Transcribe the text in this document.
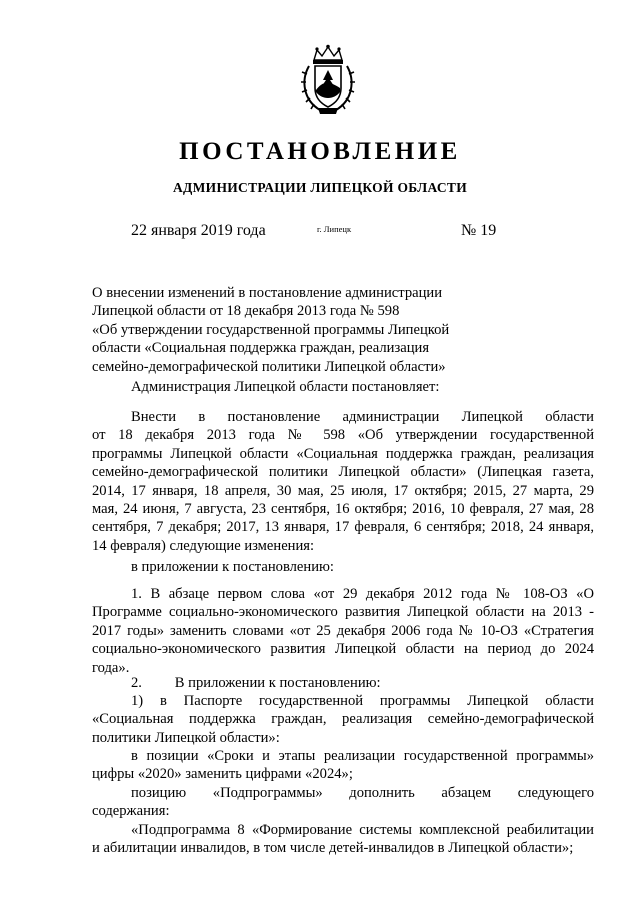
ПОСТАНОВЛЕНИЕ
АДМИНИСТРАЦИИ ЛИПЕЦКОЙ ОБЛАСТИ
22 января 2019 года	г. Липецк	№ 19
О внесении изменений в постановление администрации
Липецкой области от 18 декабря 2013 года № 598
«Об утверждении государственной программы Липецкой
области «Социальная поддержка граждан, реализация
семейно-демографической политики Липецкой области»
Администрация Липецкой области постановляет:
Внести в постановление администрации Липецкой области
от 18 декабря 2013 года № 598 «Об утверждении государственной
программы Липецкой области «Социальная поддержка граждан, реализация
семейно-демографической политики Липецкой области» (Липецкая газета,
2014, 17 января, 18 апреля, 30 мая, 25 июля, 17 октября; 2015, 27 марта, 29
мая, 24 июня, 7 августа, 23 сентября, 16 октября; 2016, 10 февраля, 27 мая, 28
сентября, 7 декабря; 2017, 13 января, 17 февраля, 6 сентября; 2018, 24 января,
14 февраля) следующие изменения:
в приложении к постановлению:
1. В абзаце первом слова «от 29 декабря 2012 года № 108-ОЗ «О
Программе социально-экономического развития Липецкой области на 2013 -
2017 годы» заменить словами «от 25 декабря 2006 года № 10-ОЗ «Стратегия
социально-экономического развития Липецкой области на период до 2024
года».
2.         В приложении к постановлению:
1) в Паспорте государственной программы Липецкой области
«Социальная поддержка граждан, реализация семейно-демографической
политики Липецкой области»:
в позиции «Сроки и этапы реализации государственной программы»
цифры «2020» заменить цифрами «2024»;
позицию «Подпрограммы» дополнить абзацем следующего
содержания:
«Подпрограмма 8 «Формирование системы комплексной реабилитации
и абилитации инвалидов, в том числе детей-инвалидов в Липецкой области»;
